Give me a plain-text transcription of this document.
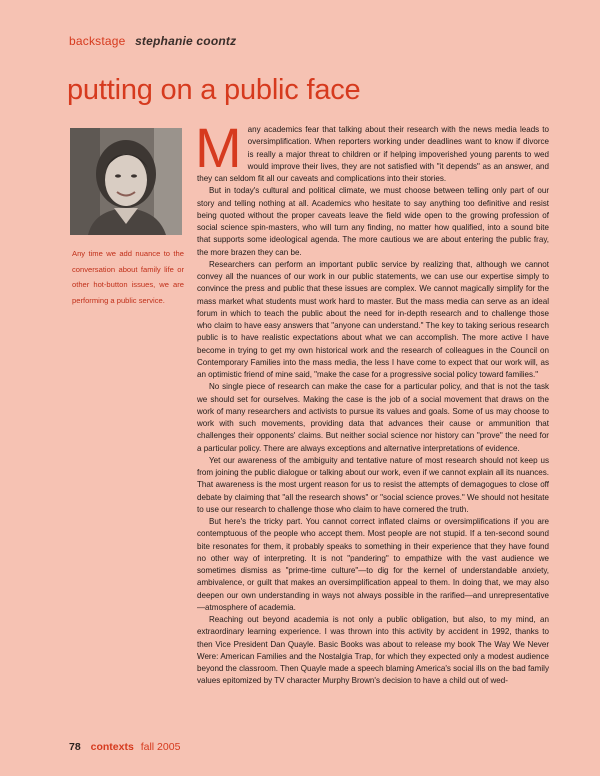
backstage stephanie coontz
putting on a public face
Any time we add nuance to the conversation about family life or other hot-button issues, we are performing a public service.

Many academics fear that talking about their research with the news media leads to oversimplification. When reporters working under deadlines want to know if divorce is really a major threat to children or if helping impoverished young parents to wed would improve their lives, they are not satisfied with "it depends" as an answer, and they can seldom fit all our caveats and complications into their stories.

But in today's cultural and political climate, we must choose between telling only part of our story and telling nothing at all. Academics who hesitate to say anything too definitive and resist being quoted without the proper caveats leave the field wide open to the growing profession of social science spin-masters, who will turn any finding, no matter how qualified, into a sound bite that supports some ideological agenda. The more cautious we are about entering the public fray, the more brazen they can be.

Researchers can perform an important public service by realizing that, although we cannot convey all the nuances of our work in our public statements, we can use our expertise simply to convince the press and public that these issues are complex. We cannot magically simplify for the mass market what students must work hard to master. But the mass media can serve as an ideal forum in which to teach the public about the need for in-depth research and to challenge those who claim to have easy answers that "anyone can understand." The key to taking serious research public is to have realistic expectations about what we can accomplish. The more active I have become in trying to get my own historical work and the research of colleagues in the Council on Contemporary Families into the mass media, the less I have come to expect that our work will, as an optimistic friend of mine said, "make the case for a progressive social policy toward families."

No single piece of research can make the case for a particular policy, and that is not the task we should set for ourselves. Making the case is the job of a social movement that draws on the work of many researchers and activists to pursue its values and goals. Some of us may choose to work with such movements, providing data that advances their cause or ammunition that challenges their opponents' claims. But neither social science nor history can "prove" the need for a particular policy. There are always exceptions and alternative interpretations of evidence.

Yet our awareness of the ambiguity and tentative nature of most research should not keep us from joining the public dialogue or talking about our work, even if we cannot explain all its nuances. That awareness is the most urgent reason for us to resist the attempts of demagogues to close off debate by claiming that "all the research shows" or "social science proves." We should not hesitate to use our research to challenge those who claim to have cornered the truth.

But here's the tricky part. You cannot correct inflated claims or oversimplifications if you are contemptuous of the people who accept them. Most people are not stupid. If a ten-second sound bite resonates for them, it probably speaks to something in their experience that they have found no other way of interpreting. It is not "pandering" to empathize with the vast audience we sometimes dismiss as "prime-time culture"—to dig for the kernel of understandable anxiety, ambivalence, or guilt that makes an oversimplification appeal to them. In doing that, we may also deepen our own understanding in ways not always possible in the rarified—and unrepresentative—atmosphere of academia.

Reaching out beyond academia is not only a public obligation, but also, to my mind, an extraordinary learning experience. I was thrown into this activity by accident in 1992, thanks to then Vice President Dan Quayle. Basic Books was about to release my book The Way We Never Were: American Families and the Nostalgia Trap, for which they expected only a modest audience beyond the classroom. Then Quayle made a speech blaming America's social ills on the bad family values epitomized by TV character Murphy Brown's decision to have a child out of wed-

78 contexts fall 2005
